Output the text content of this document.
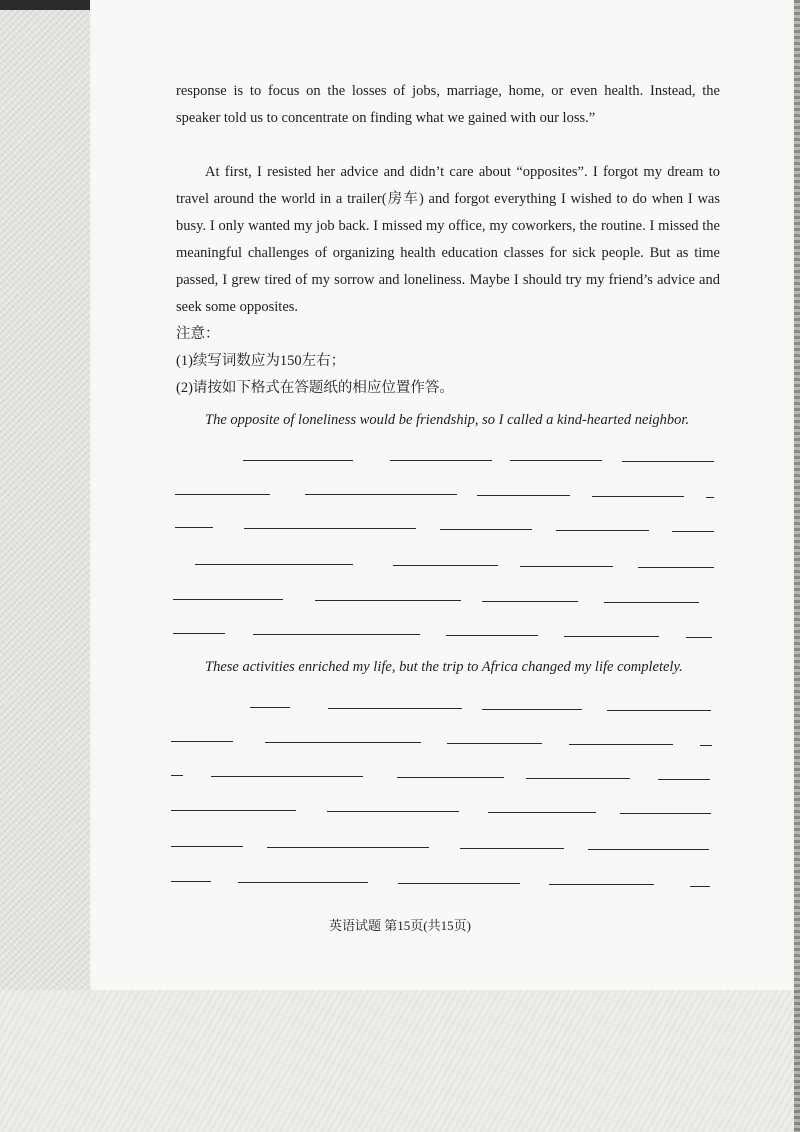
response is to focus on the losses of jobs, marriage, home, or even health. Instead, the speaker told us to concentrate on finding what we gained with our loss.”

At first, I resisted her advice and didn’t care about “opposites”. I forgot my dream to travel around the world in a trailer(房车) and forgot everything I wished to do when I was busy. I only wanted my job back. I missed my office, my coworkers, the routine. I missed the meaningful challenges of organizing health education classes for sick people. But as time passed, I grew tired of my sorrow and loneliness. Maybe I should try my friend’s advice and seek some opposites.

注意：
(1)续写词数应为150左右；
(2)请按如下格式在答题纸的相应位置作答。
The opposite of loneliness would be friendship, so I called a kind-hearted neighbor.
These activities enriched my life, but the trip to Africa changed my life completely.
英语试题 第15页(共15页)
